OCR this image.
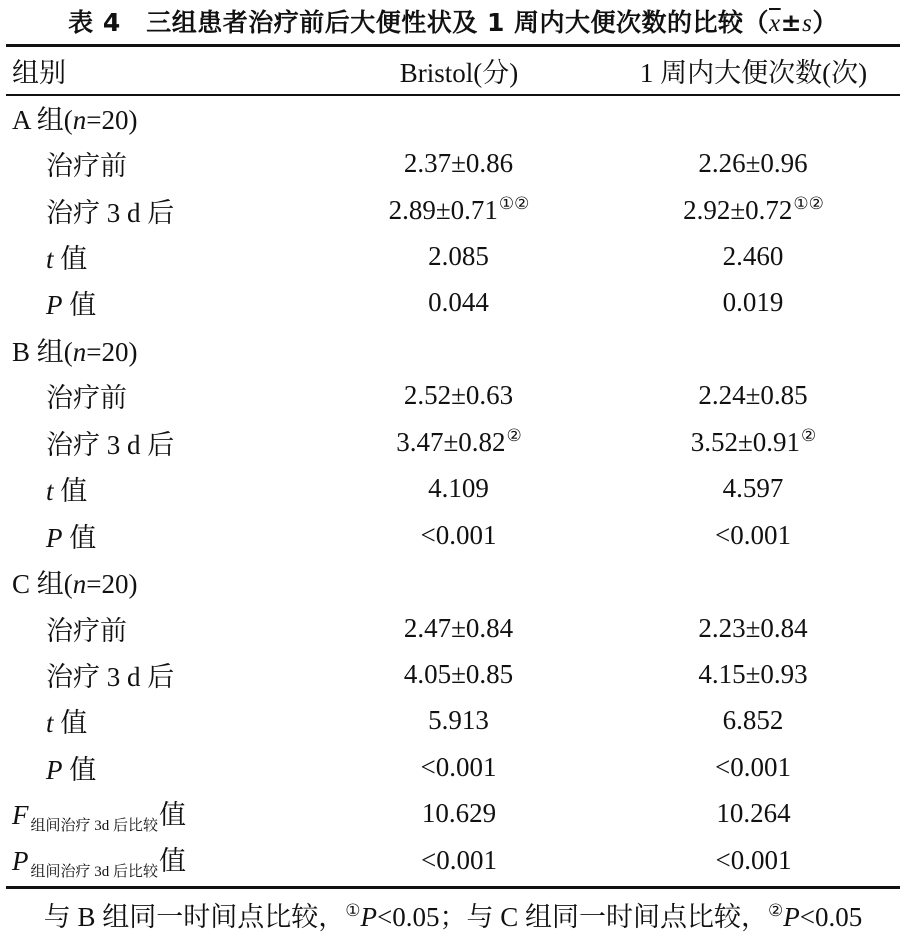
表 4　三组患者治疗前后大便性状及 1 周内大便次数的比较$(\overline{x}\pm s)$
组别	Bristol(分)	1 周内大便次数(次)
A 组(n=20)		
治疗前	2.37±0.86	2.26±0.96
治疗 3 d 后	2.89±0.71①②	2.92±0.72①②
t 值	2.085	2.460
P 值	0.044	0.019
B 组(n=20)		
治疗前	2.52±0.63	2.24±0.85
治疗 3 d 后	3.47±0.82②	3.52±0.91②
t 值	4.109	4.597
P 值	<0.001	<0.001
C 组(n=20)		
治疗前	2.47±0.84	2.23±0.84
治疗 3 d 后	4.05±0.85	4.15±0.93
t 值	5.913	6.852
P 值	<0.001	<0.001
F $_{组间治疗 3d 后比较}$值	10.629	10.264
P $_{组间治疗 3d 后比较}$值	<0.001	<0.001
与 B 组同一时间点比较，①P<0.05；与 C 组同一时间点比较，②P<0.05
